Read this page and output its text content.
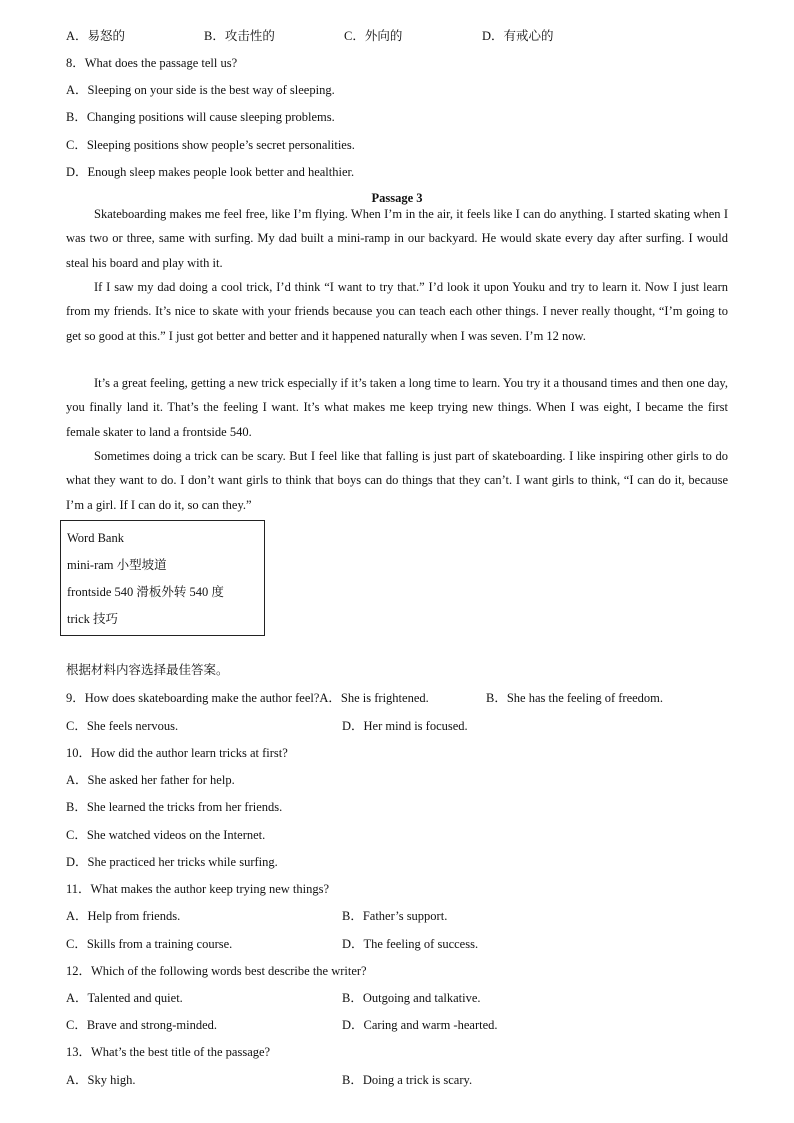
A．易怒的	B．攻击性的	C．外向的	D．有戒心的
8．What does the passage tell us?
A．Sleeping on your side is the best way of sleeping.
B．Changing positions will cause sleeping problems.
C．Sleeping positions show people’s secret personalities.
D．Enough sleep makes people look better and healthier.
Passage 3

Skateboarding makes me feel free, like I’m flying. When I’m in the air, it feels like I can do anything. I started skating when I was two or three, same with surfing. My dad built a mini-ramp in our backyard. He would skate every day after surfing. I would steal his board and play with it.

If I saw my dad doing a cool trick, I’d think “I want to try that.” I’d look it upon Youku and try to learn it. Now I just learn from my friends. It’s nice to skate with your friends because you can teach each other things. I never really thought, “I’m going to get so good at this.” I just got better and better and it happened naturally when I was seven. I’m 12 now.

It’s a great feeling, getting a new trick especially if it’s taken a long time to learn. You try it a thousand times and then one day, you finally land it. That’s the feeling I want. It’s what makes me keep trying new things. When I was eight, I became the first female skater to land a frontside 540.

Sometimes doing a trick can be scary. But I feel like that falling is just part of skateboarding. I like inspiring other girls to do what they want to do. I don’t want girls to think that boys can do things that they can’t. I want girls to think, “I can do it, because I’m a girl. If I can do it, so can they.”

Word Bank
mini-ram 小型坡道
frontside 540 滑板外转 540 度
trick 技巧
根据材料内容选择最佳答案。
9．How does skateboarding make the author feel?A．She is frightened.	B．She has the feeling of freedom.
C．She feels nervous.	D．Her mind is focused.
10．How did the author learn tricks at first?
A．She asked her father for help.
B．She learned the tricks from her friends.
C．She watched videos on the Internet.
D．She practiced her tricks while surfing.
11．What makes the author keep trying new things?
A．Help from friends.	B．Father’s support.
C．Skills from a training course.	D．The feeling of success.
12．Which of the following words best describe the writer?
A．Talented and quiet.	B．Outgoing and talkative.
C．Brave and strong-minded.	D．Caring and warm -hearted.
13．What’s the best title of the passage?
A．Sky high.	B．Doing a trick is scary.
